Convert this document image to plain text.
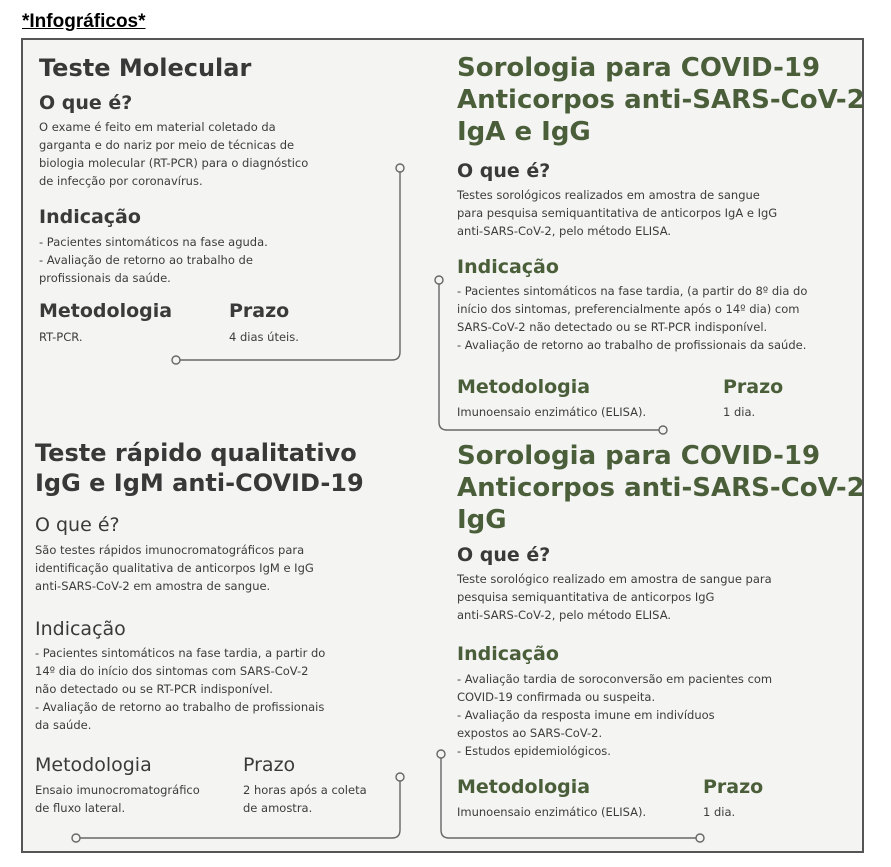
*Infográficos*
Teste Molecular
O que é?
O exame é feito em material coletado da
garganta e do nariz por meio de técnicas de
biologia molecular (RT-PCR) para o diagnóstico
de infecção por coronavírus.
Indicação
- Pacientes sintomáticos na fase aguda.
- Avaliação de retorno ao trabalho de
profissionais da saúde.
Metodologia
RT-PCR.
Prazo
4 dias úteis.
Sorologia para COVID-19
Anticorpos anti-SARS-CoV-2
IgA e IgG
O que é?
Testes sorológicos realizados em amostra de sangue
para pesquisa semiquantitativa de anticorpos IgA e IgG
anti-SARS-CoV-2, pelo método ELISA.
Indicação
- Pacientes sintomáticos na fase tardia, (a partir do 8º dia do
início dos sintomas, preferencialmente após o 14º dia) com
SARS-CoV-2 não detectado ou se RT-PCR indisponível.
- Avaliação de retorno ao trabalho de profissionais da saúde.
Metodologia
Imunoensaio enzimático (ELISA).
Prazo
1 dia.
Teste rápido qualitativo
IgG e IgM anti-COVID-19
O que é?
São testes rápidos imunocromatográficos para
identificação qualitativa de anticorpos IgM e IgG
anti-SARS-CoV-2 em amostra de sangue.
Indicação
- Pacientes sintomáticos na fase tardia, a partir do
14º dia do início dos sintomas com SARS-CoV-2
não detectado ou se RT-PCR indisponível.
- Avaliação de retorno ao trabalho de profissionais
da saúde.
Metodologia
Ensaio imunocromatográfico
de fluxo lateral.
Prazo
2 horas após a coleta
de amostra.
Sorologia para COVID-19
Anticorpos anti-SARS-CoV-2
IgG
O que é?
Teste sorológico realizado em amostra de sangue para
pesquisa semiquantitativa de anticorpos IgG
anti-SARS-CoV-2, pelo método ELISA.
Indicação
- Avaliação tardia de soroconversão em pacientes com
COVID-19 confirmada ou suspeita.
- Avaliação da resposta imune em indivíduos
expostos ao SARS-CoV-2.
- Estudos epidemiológicos.
Metodologia
Imunoensaio enzimático (ELISA).
Prazo
1 dia.
